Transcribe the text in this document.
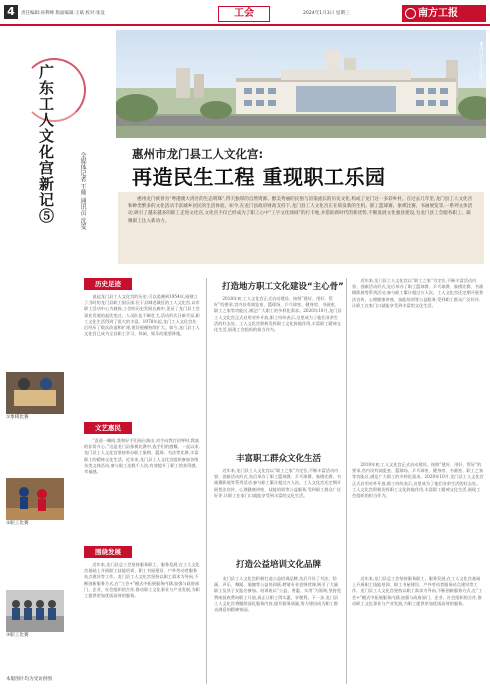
4	责任编辑:孙利峰 版面编辑:王斌 校对:张竟	工会	2024年1月3日 星期三	南方工报
▲龙门县工人文化宫
广东工人文化宫新记⑤	全媒体记者 王帅 通讯员 沈雯	惠州市龙门县工人文化宫:
再造民生工程 重现职工乐园
惠州龙门被誉为“粤港澳大湾区的生态明珠”,得天独厚的自然资源、醇美秀丽的民俗与渲染流长的历史文化,构成了龙门这一多彩乡村。在过去几年里,龙门县工人文化宫和种类繁多的文化活动丰富城乡居民的生活体验。如今,在龙门县政府财政支持下,龙门县工人文化宫正在崭发新的生机。职工篮球赛、象棋比赛、书画展览等,一系列文体活动,吸引了越来越多的职工走进文化宫,文化宫不仅已经成为了职工心中“工字文化场域”的打卡地,并借助新时代的新优势,不断发展文化强县建设,为龙门县工会服务职工、凝聚职工注入新动力。
历史足迹
说起龙门县工人文化宫的历史,可以追溯到1954年,刚建立了当时的龙门县职工俱乐部,位于县城老城区的工人文化宫,以市职工活动中心为载体,工会的历史发展长廊中,见证了龙门县工会事业发展的起伏变迁。人员队伍不断壮大,活动形式日新月异,职工文化生活得到了很大的丰富。1978年起,龙门工人文化宫先后经历了数次改造和扩建,建设规模持续扩大。如今,龙门县工人文化宫已成为全县职工学习、休闲、娱乐的重要阵地。
文艺惠民
“喜迎一瞬间,我和好手们同台演出,对手向我打招呼时,我真的非常开心。”这是龙门县象棋比赛中,选手们的感慨。一直以来,龙门县工人文化宫坚持举办职工象棋、篮球、书法等比赛,丰富职工的精神文化生活。近年来,龙门县工人文化宫组织参加各级各类文体活动,参与职工达数千人次,有效提升了职工的获得感、幸福感。
围绕发展
近年来,龙门县总工会坚持服务职工、服务发展,在工人文化宫基础上开展职工技能培训、职工书屋建设、户外劳动者服务站点建设等工作。龙门县工人文化宫坚持以职工需求为导向,不断创新服务方式,在“工会+”模式中拓展服务内涵,加强与政府部门、企业、社会组织的合作,推动职工文化事业与产业发展,为职工提供更加优质高效的服务。
①象棋比赛
②职工比赛
③职工比赛
本版图片均为受访供图
打造地方职工文化建设“主心骨”
2018年初,工人文化宫正式启动建设。按照“建好、用好、管好”的要求,宫内设有阅览室、篮球场、乒乓球室、健身房、书画室、职工之家等功能区,满足广大职工的多样化需求。2020年10月,龙门县工人文化宫正式启用对外开放,职工纷纷表示,这里成为了他们业余生活的好去处。工人文化宫积极发挥职工文化阵地作用,丰富职工精神文化生活,展现工会组织的担当作为。
近年来,龙门县工人文化宫以“职工之家”为定位,不断丰富活动内容、创新活动形式,先后举办了职工篮球赛、乒乓球赛、象棋比赛、书画摄影展等系列活动,参与职工累计超过万人次。工人文化宫还定期开展普法宣传、心理健康讲座、技能培训等公益服务,受到职工群众广泛好评,让职工在家门口就能享受到丰富的文化生活。
丰富职工群众文化生活
近年来,龙门县工人文化宫以“职工之家”为定位,不断丰富活动内容、创新活动形式,先后举办了职工篮球赛、乒乓球赛、象棋比赛、书画摄影展等系列活动,参与职工累计超过万人次。工人文化宫还定期开展普法宣传、心理健康讲座、技能培训等公益服务,受到职工群众广泛好评,让职工在家门口就能享受到丰富的文化生活。
2018年初,工人文化宫正式启动建设。按照“建好、用好、管好”的要求,宫内设有阅览室、篮球场、乒乓球室、健身房、书画室、职工之家等功能区,满足广大职工的多样化需求。2020年10月,龙门县工人文化宫正式启用对外开放,职工纷纷表示,这里成为了他们业余生活的好去处。工人文化宫积极发挥职工文化阵地作用,丰富职工精神文化生活,展现工会组织的担当作为。
打造公益培训文化品牌
龙门县工人文化宫积极打造公益培训品牌,先后开设了书法、绘画、声乐、舞蹈、瑜伽等公益培训班,聘请专业老师授课,吸引了大量职工及其子女报名参加。培训班以“公益、普惠、实用”为原则,坚持免费或低收费向职工开放,真正让职工得实惠、享便利。下一步,龙门县工人文化宫将继续深化服务内容,提升服务质量,努力建设成为职工群众满意的精神家园。
近年来,龙门县总工会坚持服务职工、服务发展,在工人文化宫基础上开展职工技能培训、职工书屋建设、户外劳动者服务站点建设等工作。龙门县工人文化宫坚持以职工需求为导向,不断创新服务方式,在“工会+”模式中拓展服务内涵,加强与政府部门、企业、社会组织的合作,推动职工文化事业与产业发展,为职工提供更加优质高效的服务。
